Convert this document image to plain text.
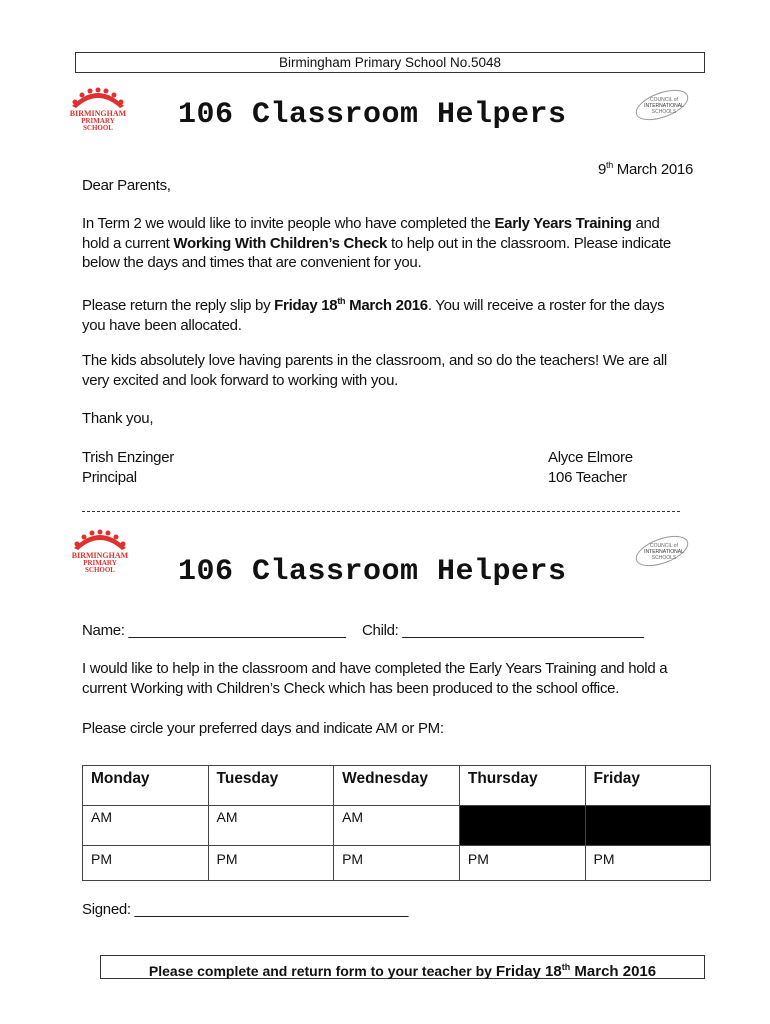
Birmingham Primary School No.5048
BIRMINGHAM
PRIMARY
SCHOOL 106 Classroom Helpers	COUNCIL of
INTERNATIONAL
SCHOOLS
9th March 2016
Dear Parents,
In Term 2 we would like to invite people who have completed the Early Years Training and
hold a current Working With Children’s Check to help out in the classroom. Please indicate
below the days and times that are convenient for you.
Please return the reply slip by Friday 18th March 2016. You will receive a roster for the days
you have been allocated.
The kids absolutely love having parents in the classroom, and so do the teachers! We are all
very excited and look forward to working with you.
Thank you,
Trish Enzinger
Principal
Alyce Elmore
106 Teacher
BIRMINGHAM
PRIMARY
SCHOOL
COUNCIL of
INTERNATIONAL
SCHOOLS
106 Classroom Helpers
Name: ___________________________ Child: ______________________________
I would like to help in the classroom and have completed the Early Years Training and hold a
current Working with Children’s Check which has been produced to the school office.
Please circle your preferred days and indicate AM or PM:
Monday	Tuesday	Wednesday	Thursday	Friday
AM	AM	AM		
PM	PM	PM	PM	PM
Signed: __________________________________
Please complete and return form to your teacher by Friday 18th March 2016
